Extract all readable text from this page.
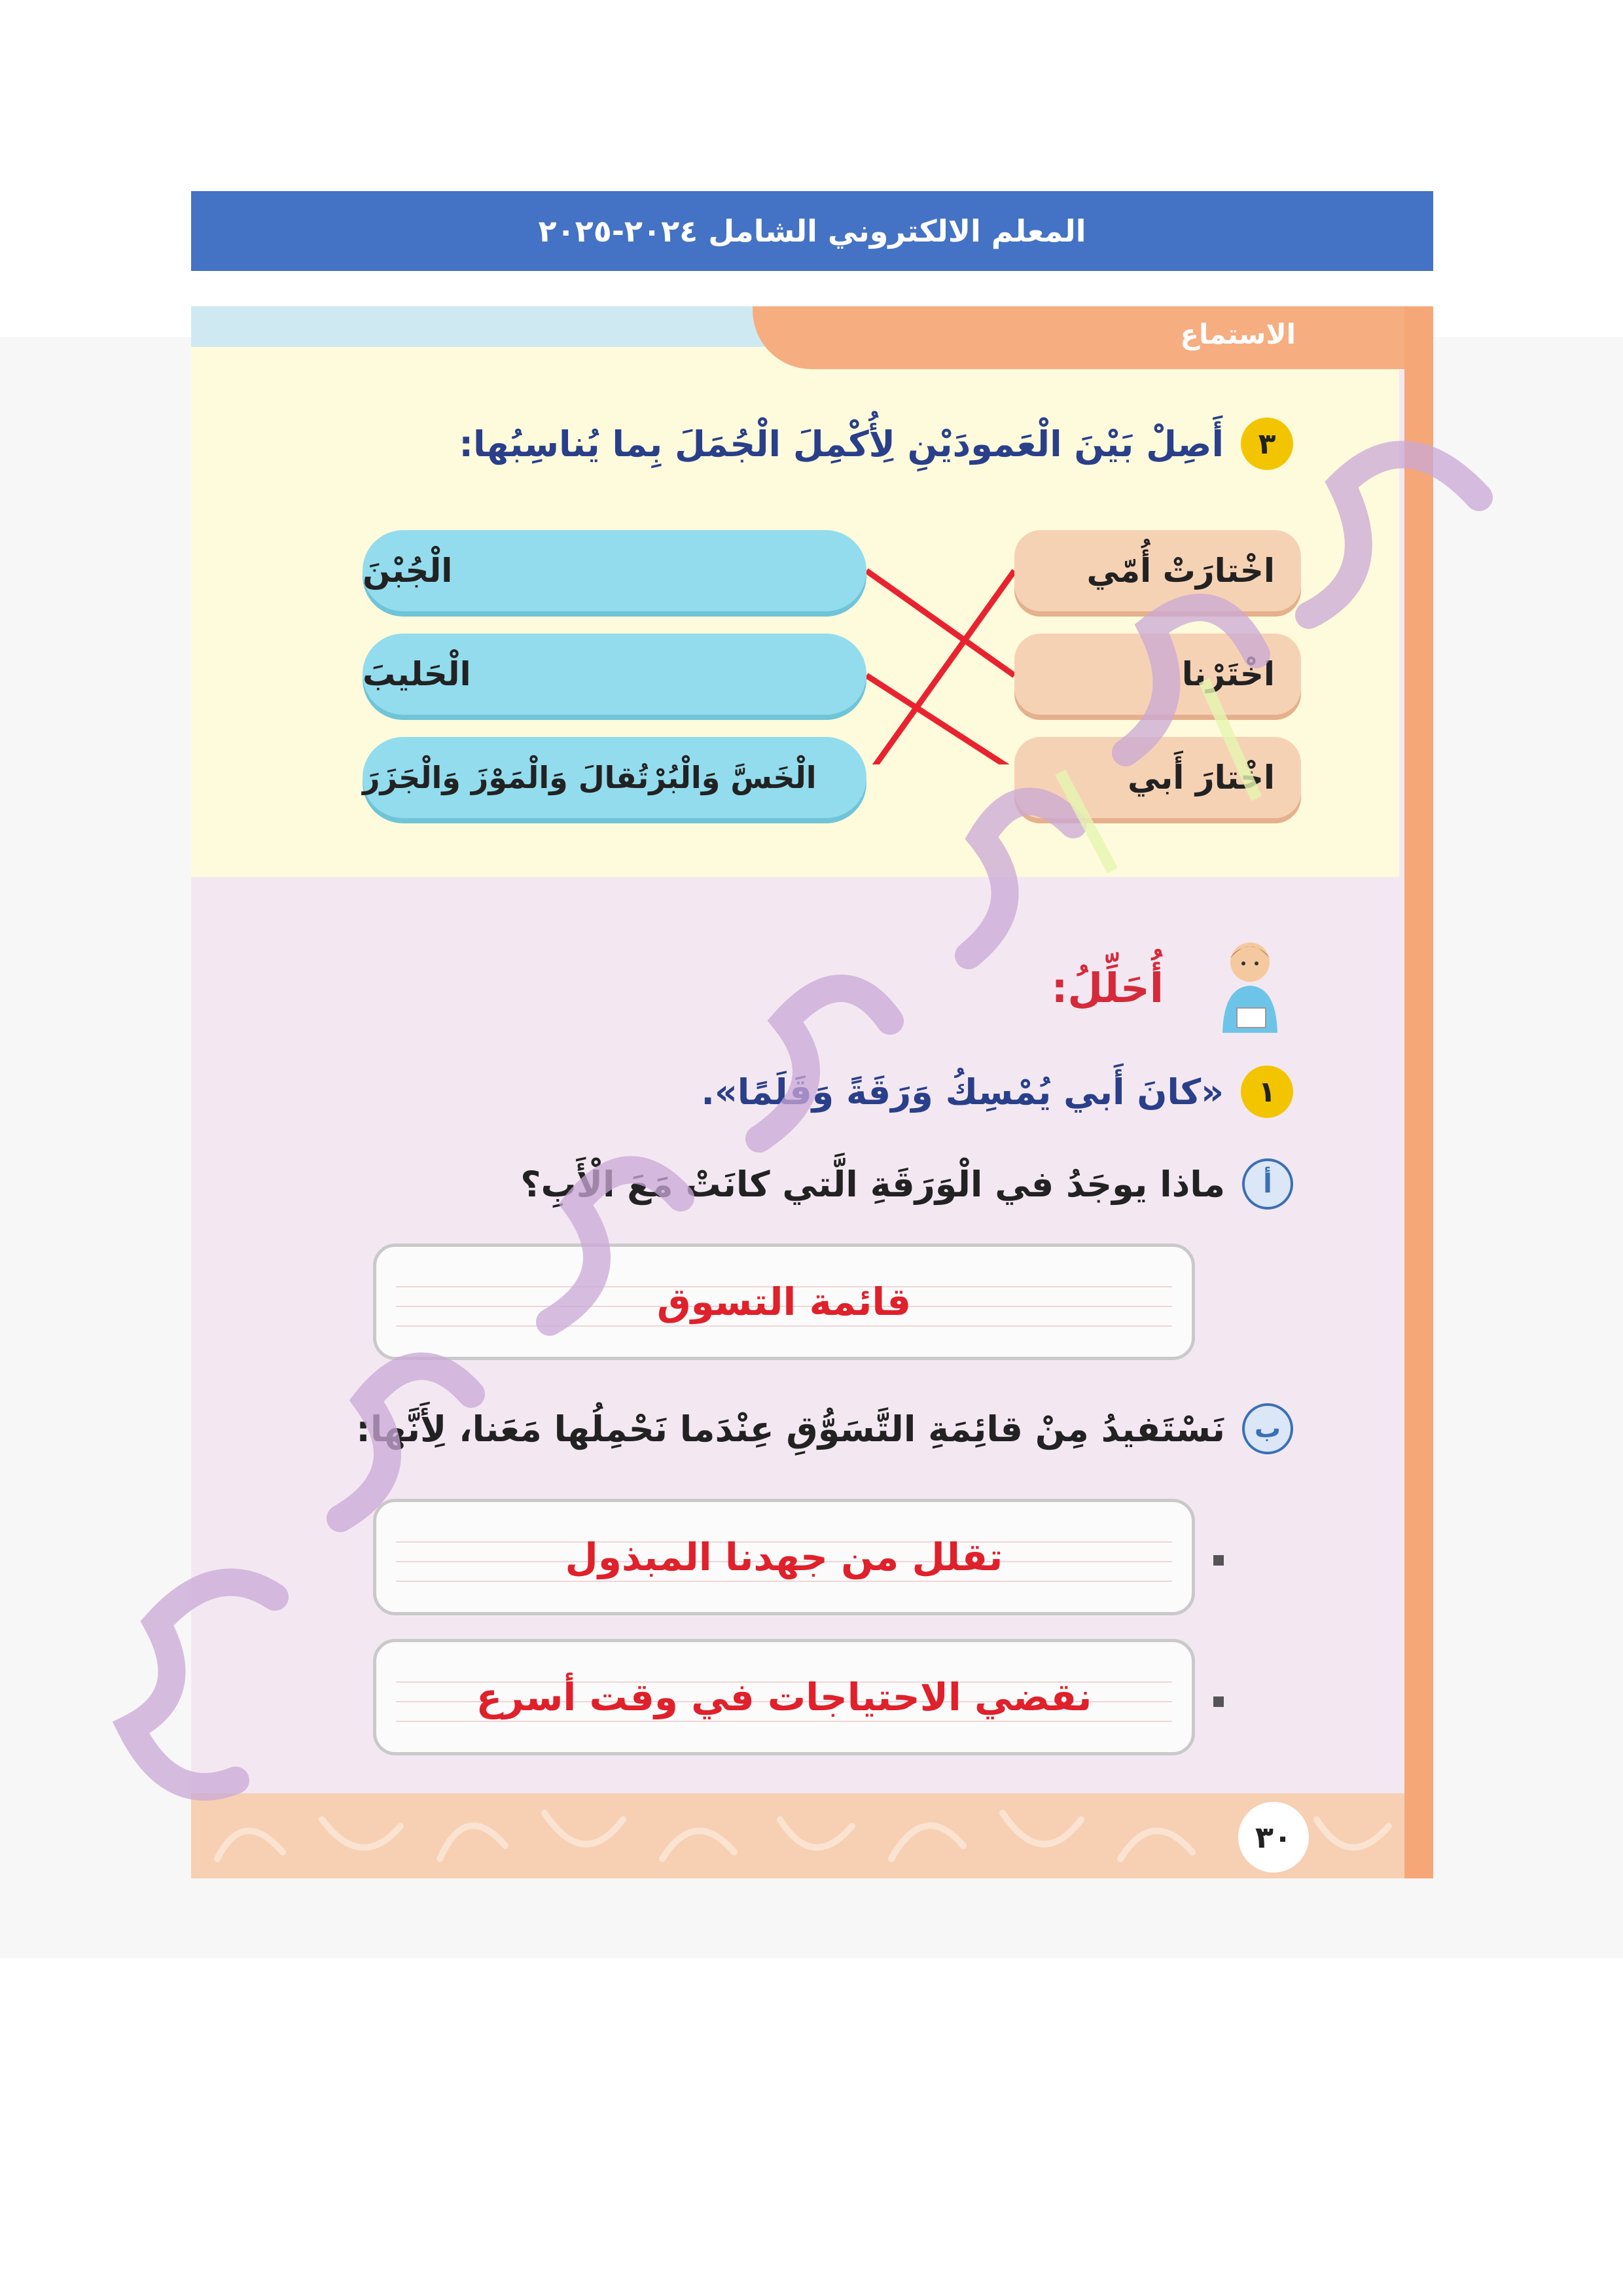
المعلم الالكتروني الشامل ٢٠٢٤-٢٠٢٥
الاستماع
٣
أَصِلْ بَيْنَ الْعَمودَيْنِ لِأُكْمِلَ الْجُمَلَ بِما يُناسِبُها:
الْجُبْنَ
الْحَليبَ
الْخَسَّ وَالْبُرْتُقالَ وَالْمَوْزَ وَالْجَزَرَ
اخْتارَتْ أُمّي
اخْتَرْنا
اخْتارَ أَبي
أُحَلِّلُ:
١
«كانَ أَبي يُمْسِكُ وَرَقَةً وَقَلَمًا».
أ
ماذا يوجَدُ في الْوَرَقَةِ الَّتي كانَتْ مَعَ الْأَبِ؟
قائمة التسوق
ب
نَسْتَفيدُ مِنْ قائِمَةِ التَّسَوُّقِ عِنْدَما نَحْمِلُها مَعَنا، لِأَنَّها:
تقلل من جهدنا المبذول
نقضي الاحتياجات في وقت أسرع
٣٠
